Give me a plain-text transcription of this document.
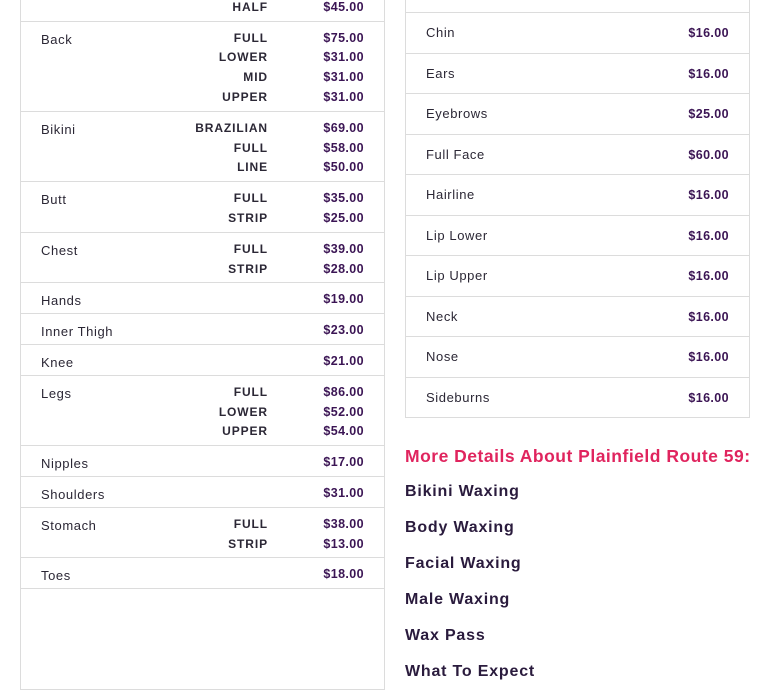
HALF	$45.00
Back	FULL	$75.00
LOWER	$31.00
MID	$31.00
UPPER	$31.00
Bikini	BRAZILIAN	$69.00
FULL	$58.00
LINE	$50.00
Butt	FULL	$35.00
STRIP	$25.00
Chest	FULL	$39.00
STRIP	$28.00
Hands	$19.00
Inner Thigh	$23.00
Knee	$21.00
Legs	FULL	$86.00
LOWER	$52.00
UPPER	$54.00
Nipples	$17.00
Shoulders	$31.00
Stomach	FULL	$38.00
STRIP	$13.00
Toes	$18.00
Chin	$16.00
Ears	$16.00
Eyebrows	$25.00
Full Face	$60.00
Hairline	$16.00
Lip Lower	$16.00
Lip Upper	$16.00
Neck	$16.00
Nose	$16.00
Sideburns	$16.00
More Details About Plainfield Route 59:
Bikini Waxing
Body Waxing
Facial Waxing
Male Waxing
Wax Pass
What To Expect
